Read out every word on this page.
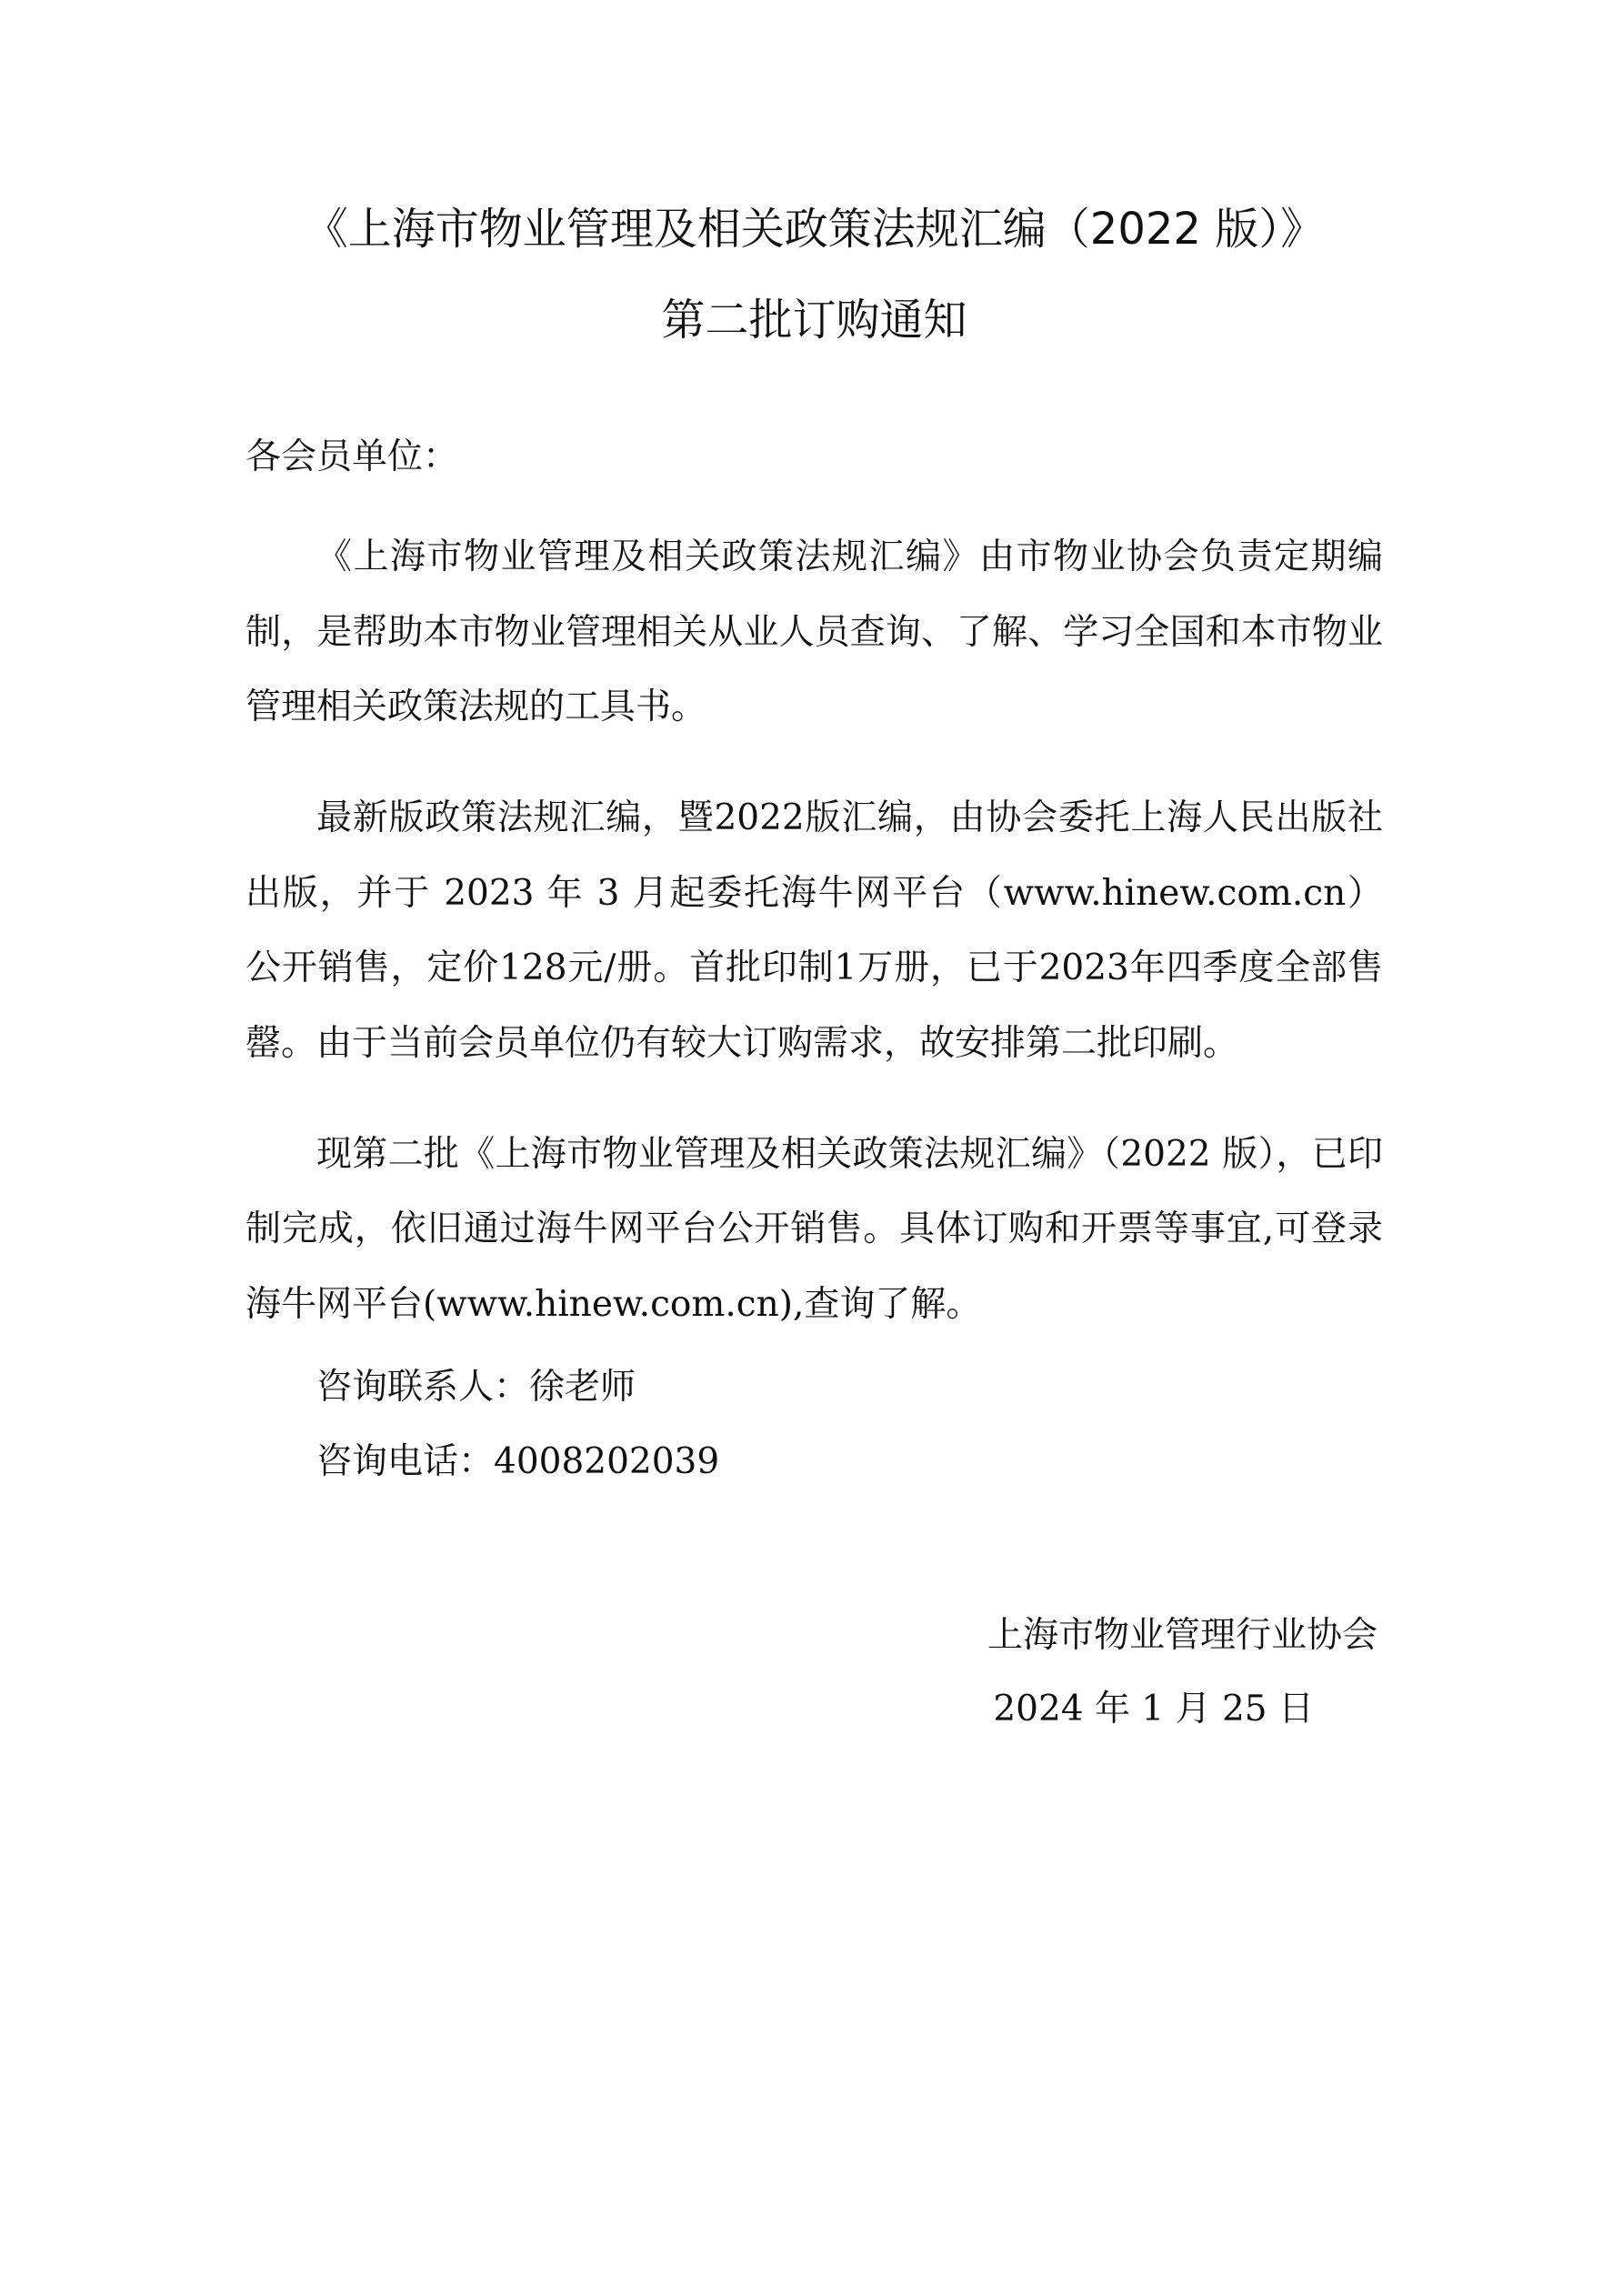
《上海市物业管理及相关政策法规汇编（2022 版）》
第二批订购通知
各会员单位：

《上海市物业管理及相关政策法规汇编》由市物业协会负责定期编制，是帮助本市物业管理相关从业人员查询、了解、学习全国和本市物业管理相关政策法规的工具书。

最新版政策法规汇编，暨2022版汇编，由协会委托上海人民出版社出版，并于 2023 年 3 月起委托海牛网平台（www.hinew.com.cn）公开销售，定价128元/册。首批印制1万册，已于2023年四季度全部售罄。由于当前会员单位仍有较大订购需求，故安排第二批印刷。

现第二批《上海市物业管理及相关政策法规汇编》（2022 版），已印制完成，依旧通过海牛网平台公开销售。具体订购和开票等事宜,可登录海牛网平台(www.hinew.com.cn),查询了解。

咨询联系人：徐老师
咨询电话：4008202039
上海市物业管理行业协会
2024 年 1 月 25 日
